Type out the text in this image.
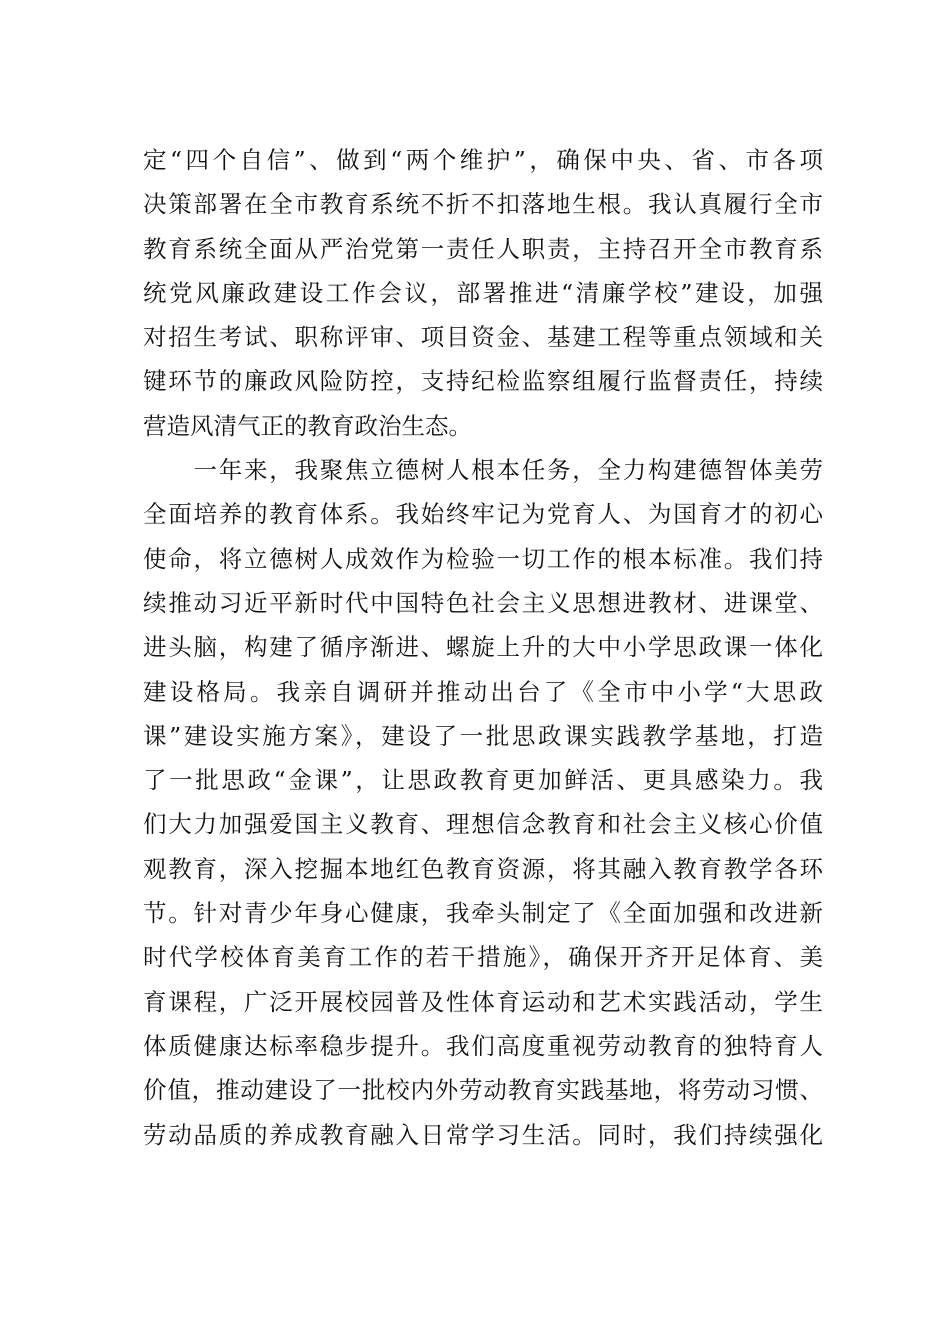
定“四个自信”、做到“两个维护”，确保中央、省、市各项
决策部署在全市教育系统不折不扣落地生根。我认真履行全市
教育系统全面从严治党第一责任人职责，主持召开全市教育系
统党风廉政建设工作会议，部署推进“清廉学校”建设，加强
对招生考试、职称评审、项目资金、基建工程等重点领域和关
键环节的廉政风险防控，支持纪检监察组履行监督责任，持续
营造风清气正的教育政治生态。
　　一年来，我聚焦立德树人根本任务，全力构建德智体美劳
全面培养的教育体系。我始终牢记为党育人、为国育才的初心
使命，将立德树人成效作为检验一切工作的根本标准。我们持
续推动习近平新时代中国特色社会主义思想进教材、进课堂、
进头脑，构建了循序渐进、螺旋上升的大中小学思政课一体化
建设格局。我亲自调研并推动出台了《全市中小学“大思政
课”建设实施方案》，建设了一批思政课实践教学基地，打造
了一批思政“金课”，让思政教育更加鲜活、更具感染力。我
们大力加强爱国主义教育、理想信念教育和社会主义核心价值
观教育，深入挖掘本地红色教育资源，将其融入教育教学各环
节。针对青少年身心健康，我牵头制定了《全面加强和改进新
时代学校体育美育工作的若干措施》，确保开齐开足体育、美
育课程，广泛开展校园普及性体育运动和艺术实践活动，学生
体质健康达标率稳步提升。我们高度重视劳动教育的独特育人
价值，推动建设了一批校内外劳动教育实践基地，将劳动习惯、
劳动品质的养成教育融入日常学习生活。同时，我们持续强化
